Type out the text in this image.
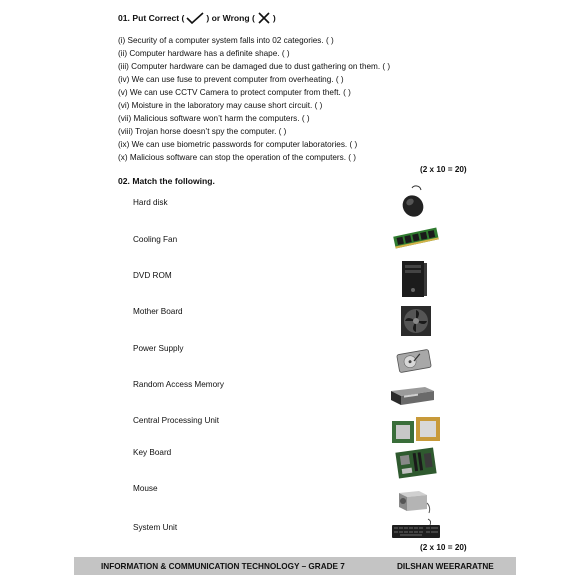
01. Put Correct (	) or Wrong ( )
(i) Security of a computer system falls into 02 categories. ( )
(ii) Computer hardware has a definite shape. ( )
(iii) Computer hardware can be damaged due to dust gathering on them. ( )
(iv) We can use fuse to prevent computer from overheating. ( )
(v) We can use CCTV Camera to protect computer from theft. ( )
(vi) Moisture in the laboratory may cause short circuit. ( )
(vii) Malicious software won’t harm the computers. ( )
(viii) Trojan horse doesn’t spy the computer. ( )
(ix) We can use biometric passwords for computer laboratories. ( )
(x) Malicious software can stop the operation of the computers. ( )
(2 x 10 = 20)
02. Match the following.
Hard disk
Cooling Fan
DVD ROM
Mother Board
Power Supply
Random Access Memory
Central Processing Unit
Key Board
Mouse
System Unit
(2 x 10 = 20)
INFORMATION & COMMUNICATION TECHNOLOGY – GRADE 7	DILSHAN WEERARATNE
